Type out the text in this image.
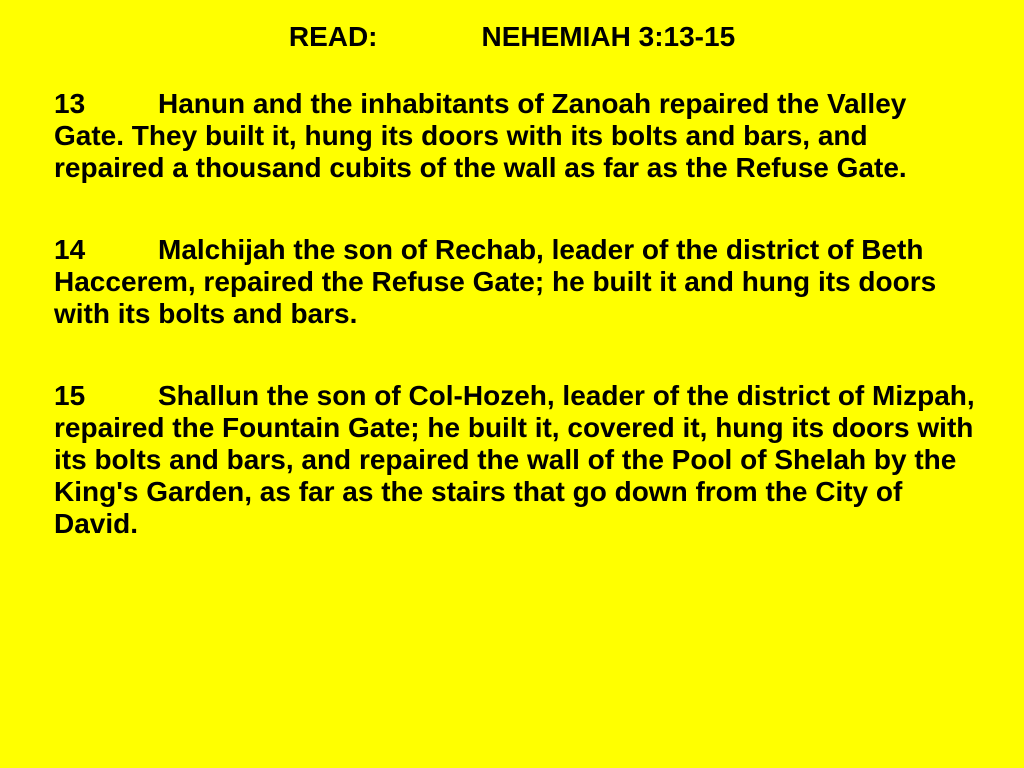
READ:	NEHEMIAH 3:13-15

13	Hanun and the inhabitants of Zanoah repaired the Valley Gate. They built it, hung its doors with its bolts and bars, and repaired a thousand cubits of the wall as far as the Refuse Gate.

14	Malchijah the son of Rechab, leader of the district of Beth Haccerem, repaired the Refuse Gate; he built it and hung its doors with its bolts and bars.

15	Shallun the son of Col-Hozeh, leader of the district of Mizpah, repaired the Fountain Gate; he built it, covered it, hung its doors with its bolts and bars, and repaired the wall of the Pool of Shelah by the King's Garden, as far as the stairs that go down from the City of David.
